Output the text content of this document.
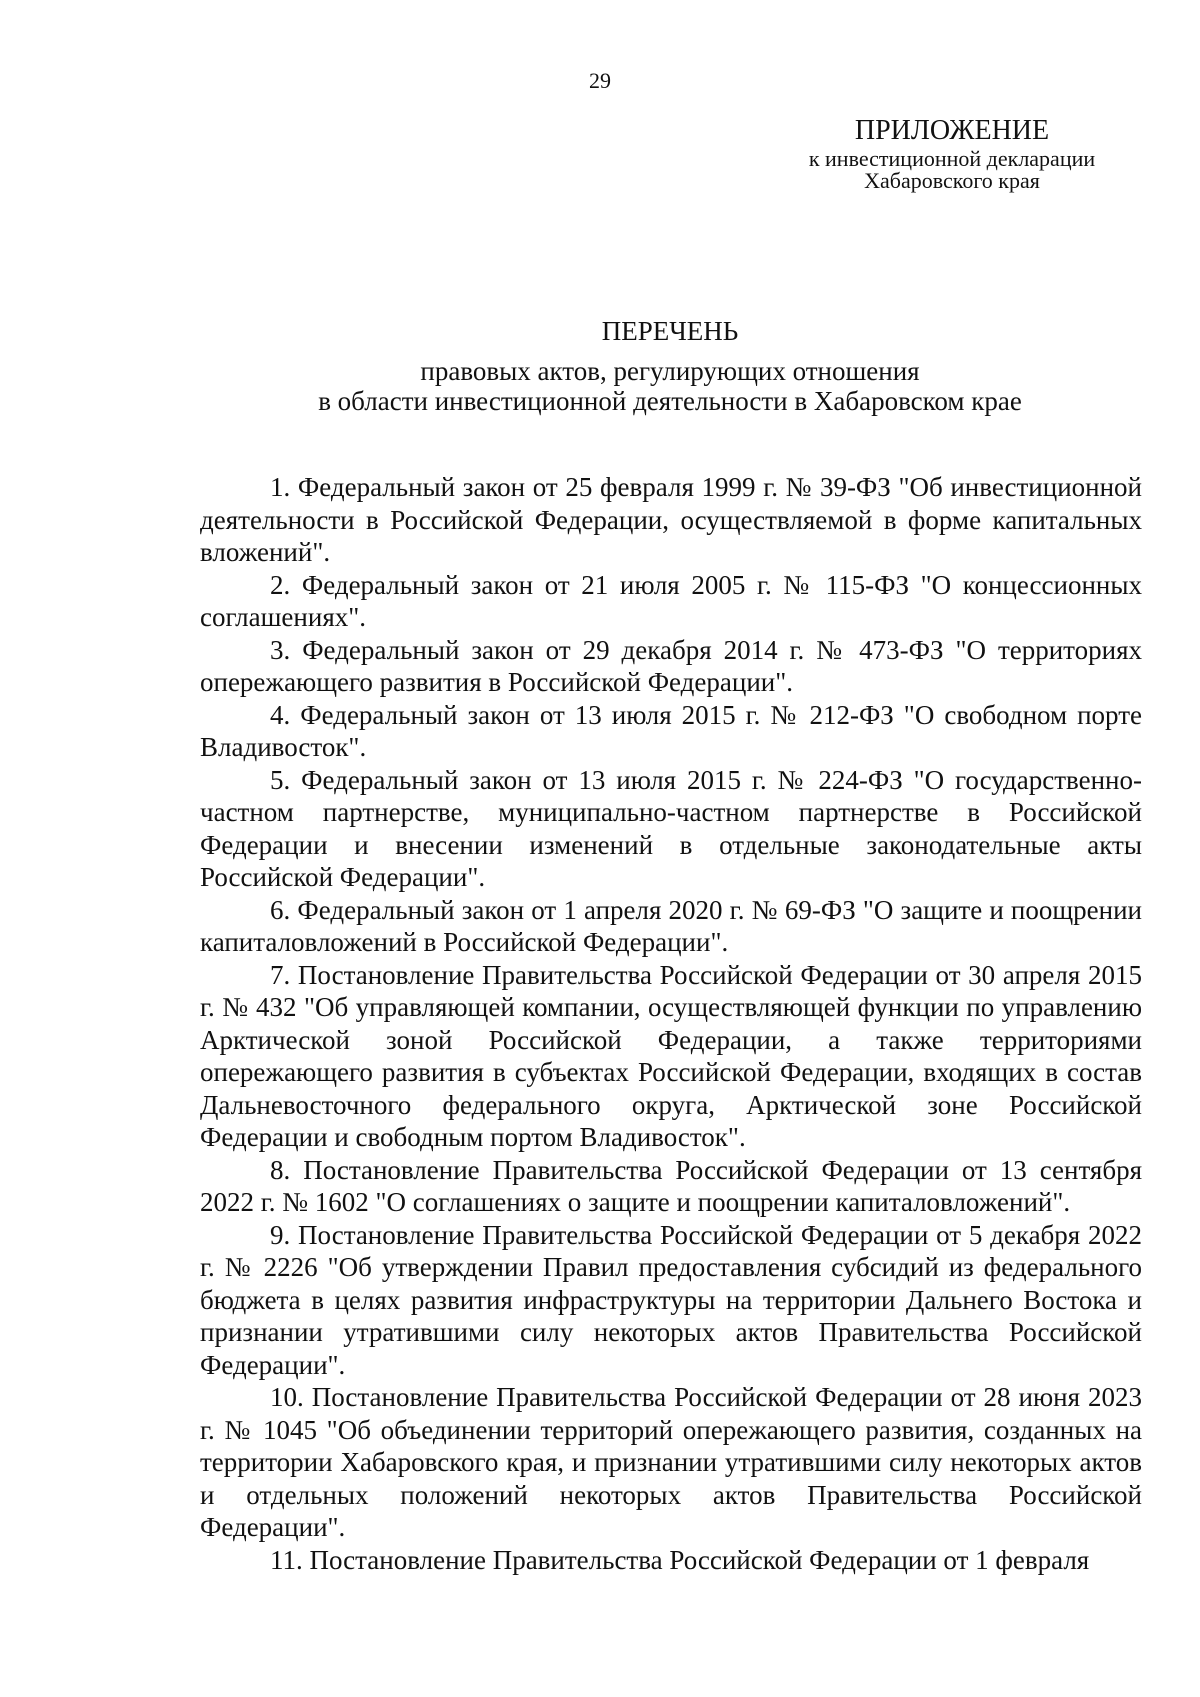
29
ПРИЛОЖЕНИЕ
к инвестиционной декларации
Хабаровского края
ПЕРЕЧЕНЬ
правовых актов, регулирующих отношения
в области инвестиционной деятельности в Хабаровском крае

1. Федеральный закон от 25 февраля 1999 г. № 39-ФЗ "Об инвестиционной деятельности в Российской Федерации, осуществляемой в форме капитальных вложений".

2. Федеральный закон от 21 июля 2005 г. № 115-ФЗ "О концессионных соглашениях".

3. Федеральный закон от 29 декабря 2014 г. № 473-ФЗ "О территориях опережающего развития в Российской Федерации".

4. Федеральный закон от 13 июля 2015 г. № 212-ФЗ "О свободном порте Владивосток".

5. Федеральный закон от 13 июля 2015 г. № 224-ФЗ "О государственно-частном партнерстве, муниципально-частном партнерстве в Российской Федерации и внесении изменений в отдельные законодательные акты Российской Федерации".

6. Федеральный закон от 1 апреля 2020 г. № 69-ФЗ "О защите и поощрении капиталовложений в Российской Федерации".

7. Постановление Правительства Российской Федерации от 30 апреля 2015 г. № 432 "Об управляющей компании, осуществляющей функции по управлению Арктической зоной Российской Федерации, а также территориями опережающего развития в субъектах Российской Федерации, входящих в состав Дальневосточного федерального округа, Арктической зоне Российской Федерации и свободным портом Владивосток".

8. Постановление Правительства Российской Федерации от 13 сентября 2022 г. № 1602 "О соглашениях о защите и поощрении капиталовложений".

9. Постановление Правительства Российской Федерации от 5 декабря 2022 г. № 2226 "Об утверждении Правил предоставления субсидий из федерального бюджета в целях развития инфраструктуры на территории Дальнего Востока и признании утратившими силу некоторых актов Правительства Российской Федерации".

10. Постановление Правительства Российской Федерации от 28 июня 2023 г. № 1045 "Об объединении территорий опережающего развития, созданных на территории Хабаровского края, и признании утратившими силу некоторых актов и отдельных положений некоторых актов Правительства Российской Федерации".

11. Постановление Правительства Российской Федерации от 1 февраля
